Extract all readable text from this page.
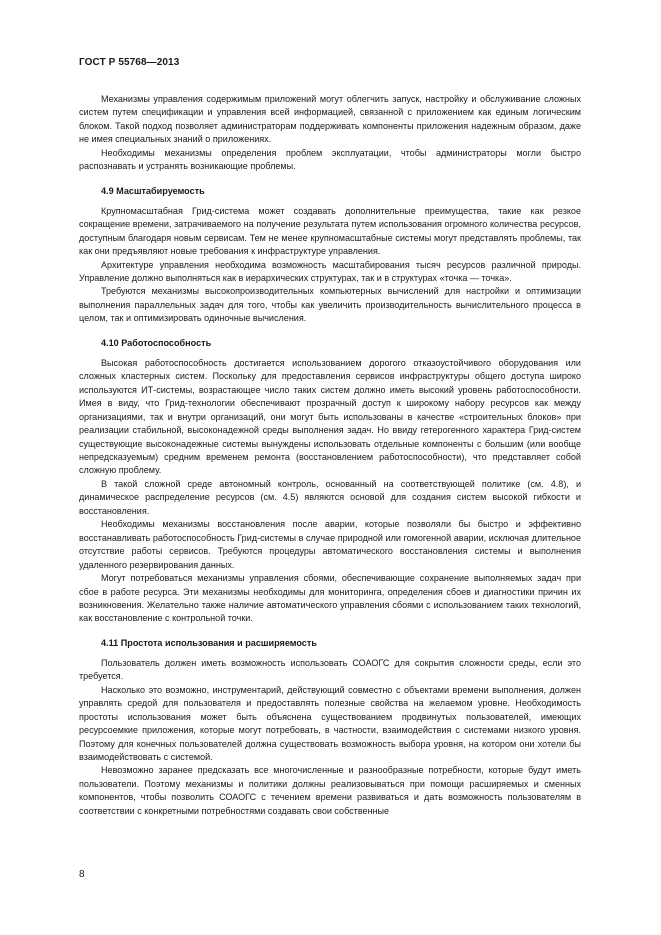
ГОСТ Р 55768—2013

Механизмы управления содержимым приложений могут облегчить запуск, настройку и обслуживание сложных систем путем спецификации и управления всей информацией, связанной с приложением как единым логическим блоком. Такой подход позволяет администраторам поддерживать компоненты приложения надежным образом, даже не имея специальных знаний о приложениях.

Необходимы механизмы определения проблем эксплуатации, чтобы администраторы могли быстро распознавать и устранять возникающие проблемы.

4.9 Масштабируемость

Крупномасштабная Грид-система может создавать дополнительные преимущества, такие как резкое сокращение времени, затрачиваемого на получение результата путем использования огромного количества ресурсов, доступным благодаря новым сервисам. Тем не менее крупномасштабные системы могут представлять проблемы, так как они предъявляют новые требования к инфраструктуре управления.

Архитектуре управления необходима возможность масштабирования тысяч ресурсов различной природы. Управление должно выполняться как в иерархических структурах, так и в структурах «точка — точка».

Требуются механизмы высокопроизводительных компьютерных вычислений для настройки и оптимизации выполнения параллельных задач для того, чтобы как увеличить производительность вычислительного процесса в целом, так и оптимизировать одиночные вычисления.

4.10 Работоспособность

Высокая работоспособность достигается использованием дорогого отказоустойчивого оборудования или сложных кластерных систем. Поскольку для предоставления сервисов инфраструктуры общего доступа широко используются ИТ-системы, возрастающее число таких систем должно иметь высокий уровень работоспособности. Имея в виду, что Грид-технологии обеспечивают прозрачный доступ к широкому набору ресурсов как между организациями, так и внутри организаций, они могут быть использованы в качестве «строительных блоков» при реализации стабильной, высоконадежной среды выполнения задач. Но ввиду гетерогенного характера Грид-систем существующие высоконадежные системы вынуждены использовать отдельные компоненты с большим (или вообще непредсказуемым) средним временем ремонта (восстановлением работоспособности), что представляет собой сложную проблему.

В такой сложной среде автономный контроль, основанный на соответствующей политике (см. 4.8), и динамическое распределение ресурсов (см. 4.5) являются основой для создания систем высокой гибкости и восстановления.

Необходимы механизмы восстановления после аварии, которые позволяли бы быстро и эффективно восстанавливать работоспособность Грид-системы в случае природной или гомогенной аварии, исключая длительное отсутствие работы сервисов. Требуются процедуры автоматического восстановления системы и выполнения удаленного резервирования данных.

Могут потребоваться механизмы управления сбоями, обеспечивающие сохранение выполняемых задач при сбое в работе ресурса. Эти механизмы необходимы для мониторинга, определения сбоев и диагностики причин их возникновения. Желательно также наличие автоматического управления сбоями с использованием таких технологий, как восстановление с контрольной точки.

4.11 Простота использования и расширяемость

Пользователь должен иметь возможность использовать СОАОГС для сокрытия сложности среды, если это требуется.

Насколько это возможно, инструментарий, действующий совместно с объектами времени выполнения, должен управлять средой для пользователя и предоставлять полезные свойства на желаемом уровне. Необходимость простоты использования может быть объяснена существованием продвинутых пользователей, имеющих ресурсоемкие приложения, которые могут потребовать, в частности, взаимодействия с системами низкого уровня. Поэтому для конечных пользователей должна существовать возможность выбора уровня, на котором они хотели бы взаимодействовать с системой.

Невозможно заранее предсказать все многочисленные и разнообразные потребности, которые будут иметь пользователи. Поэтому механизмы и политики должны реализовываться при помощи расширяемых и сменных компонентов, чтобы позволить СОАОГС с течением времени развиваться и дать возможность пользователям в соответствии с конкретными потребностями создавать свои собственные

8
